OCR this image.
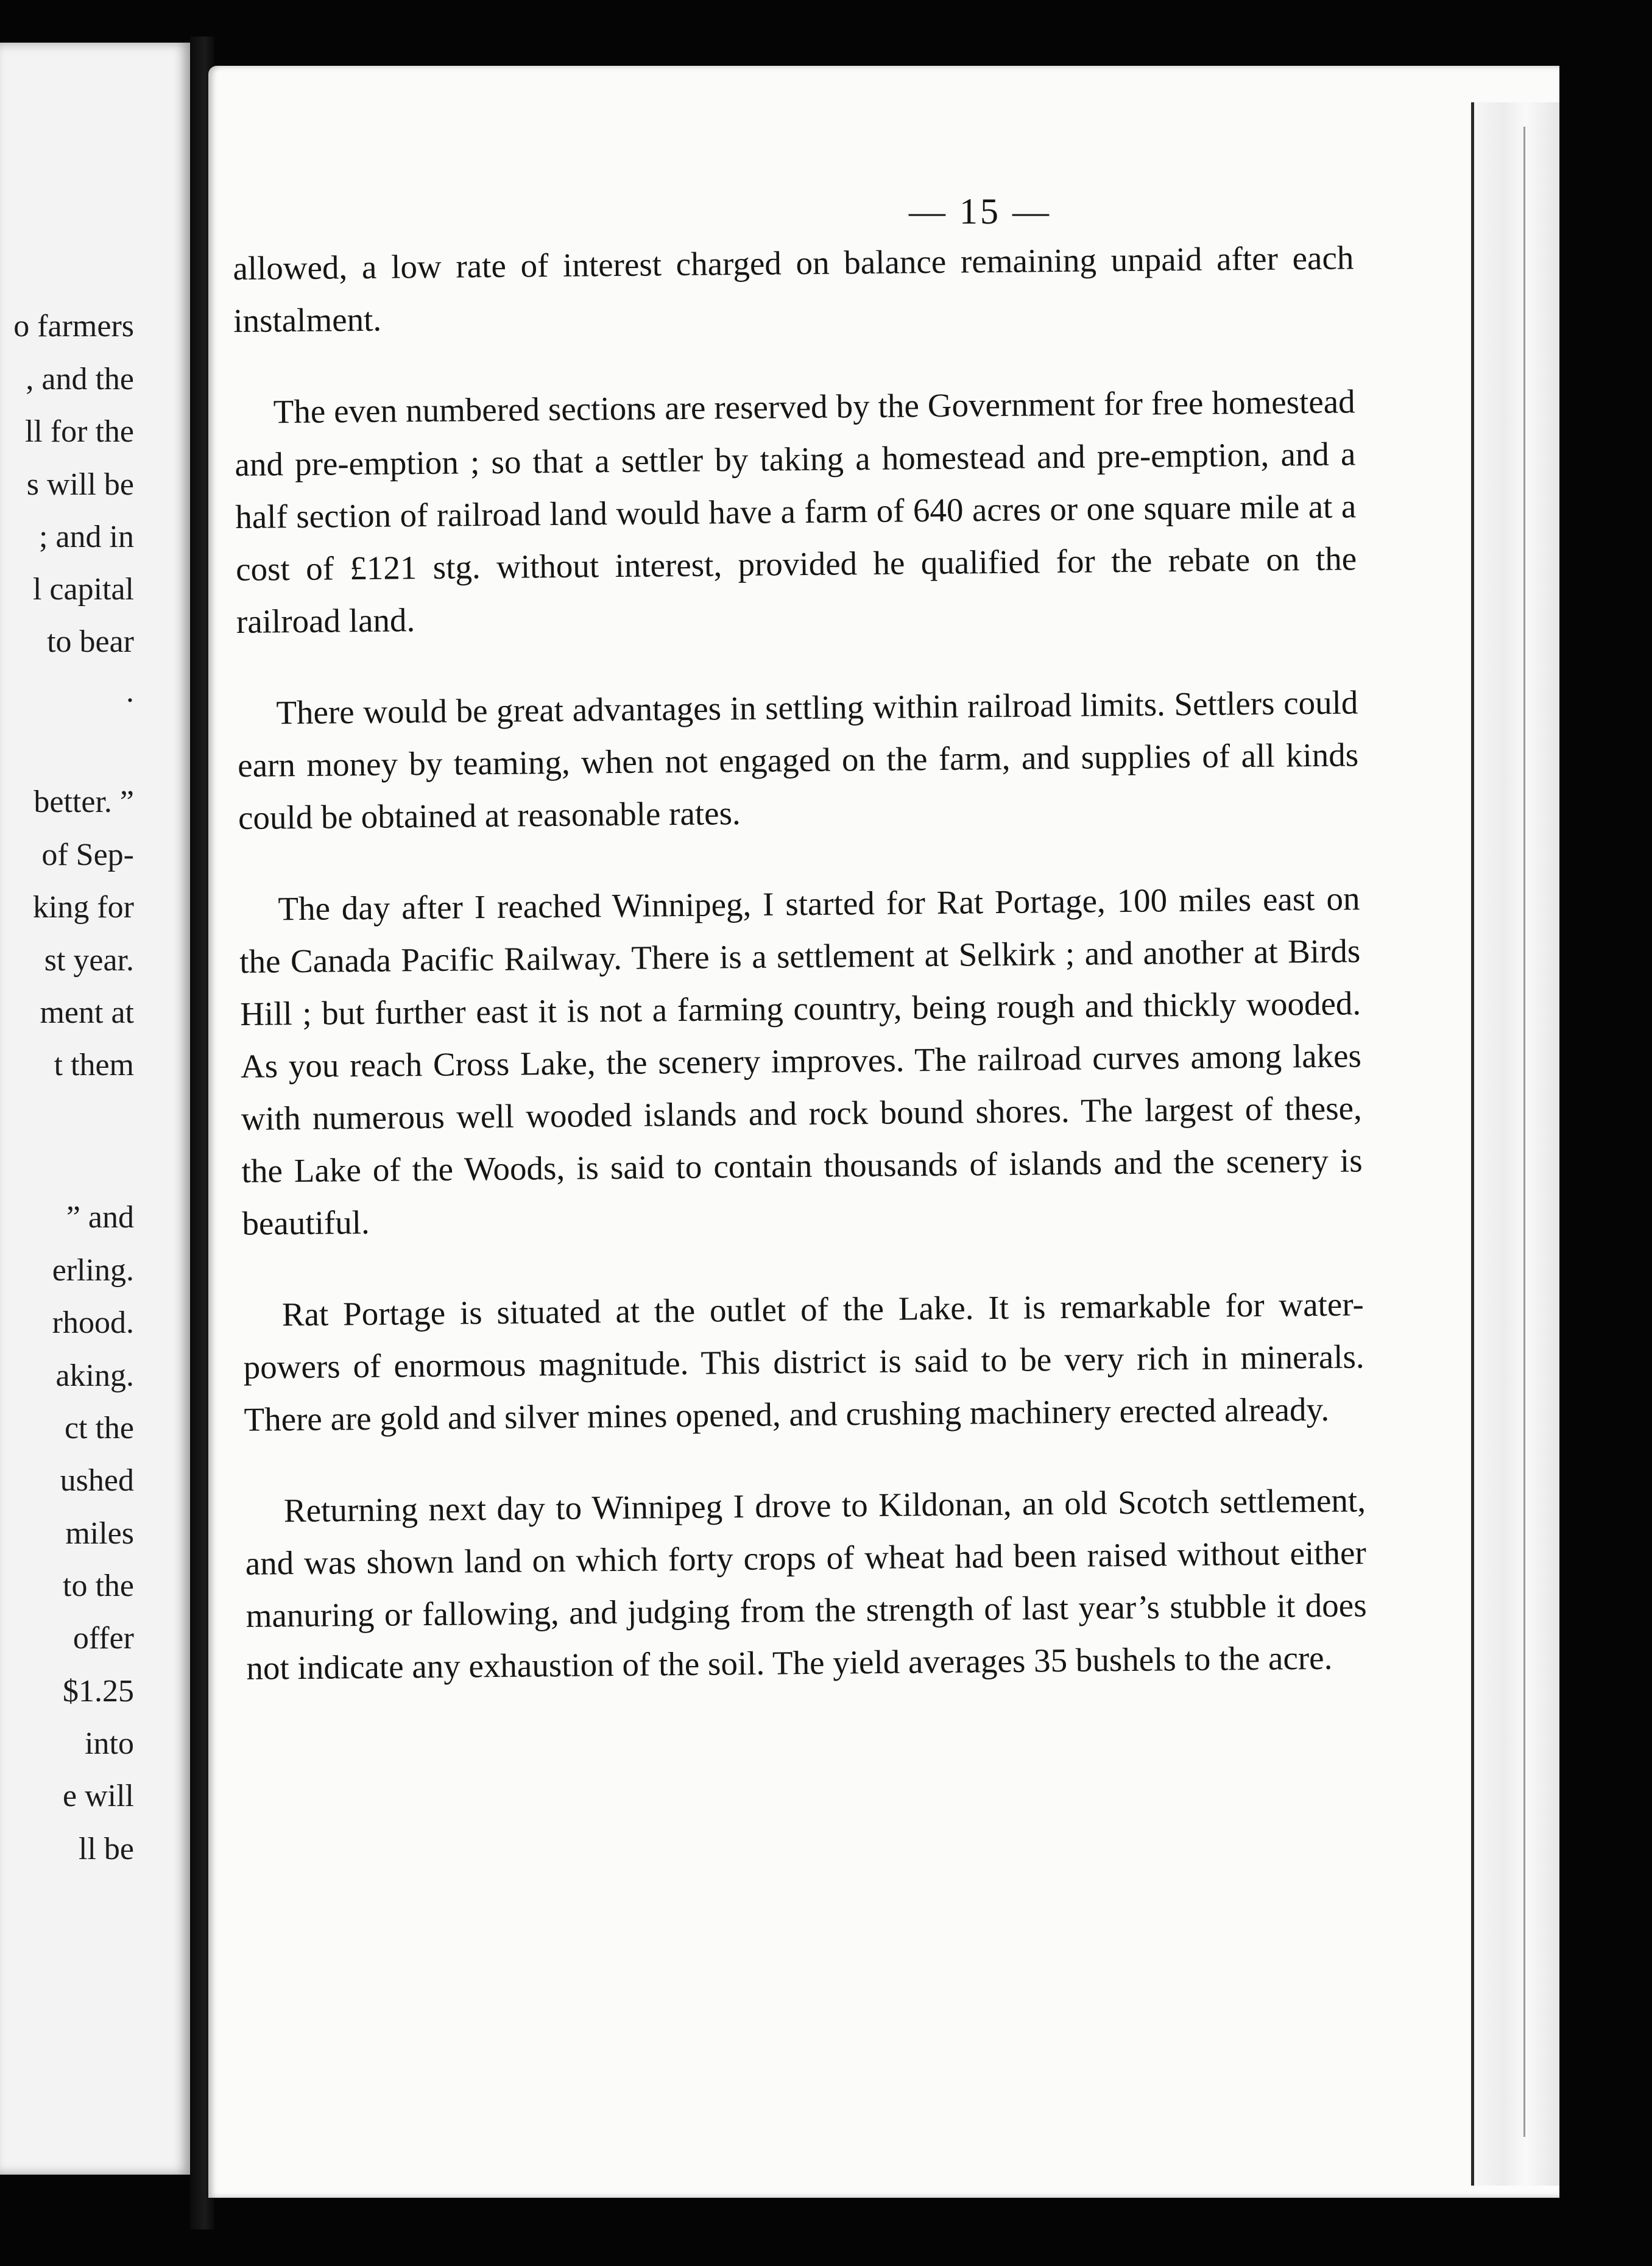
o farmers
, and the
ll for the
s will be
; and in
l capital
to bear
.
better. ”
of Sep-
king for
st year.
ment at
t them
” and
erling.
rhood.
aking.
ct the
ushed
miles
to the
offer
$1.25
into
e will
ll be
— 15 —

allowed, a low rate of interest charged on balance remaining unpaid after each instalment.

The even numbered sections are reserved by the Government for free homestead and pre-emption ; so that a settler by taking a homestead and pre-emption, and a half section of railroad land would have a farm of 640 acres or one square mile at a cost of £121 stg. without interest, provided he qualified for the rebate on the railroad land.

There would be great advantages in settling within railroad limits. Settlers could earn money by teaming, when not engaged on the farm, and supplies of all kinds could be obtained at reasonable rates.

The day after I reached Winnipeg, I started for Rat Portage, 100 miles east on the Canada Pacific Railway. There is a settlement at Selkirk ; and another at Birds Hill ; but further east it is not a farming country, being rough and thickly wooded. As you reach Cross Lake, the scenery improves. The railroad curves among lakes with numerous well wooded islands and rock bound shores. The largest of these, the Lake of the Woods, is said to contain thousands of islands and the scenery is beautiful.

Rat Portage is situated at the outlet of the Lake. It is remarkable for water-powers of enormous magnitude. This district is said to be very rich in minerals. There are gold and silver mines opened, and crushing machinery erected already.

Returning next day to Winnipeg I drove to Kildonan, an old Scotch settlement, and was shown land on which forty crops of wheat had been raised without either manuring or fallowing, and judging from the strength of last year’s stubble it does not indicate any exhaustion of the soil. The yield averages 35 bushels to the acre.
